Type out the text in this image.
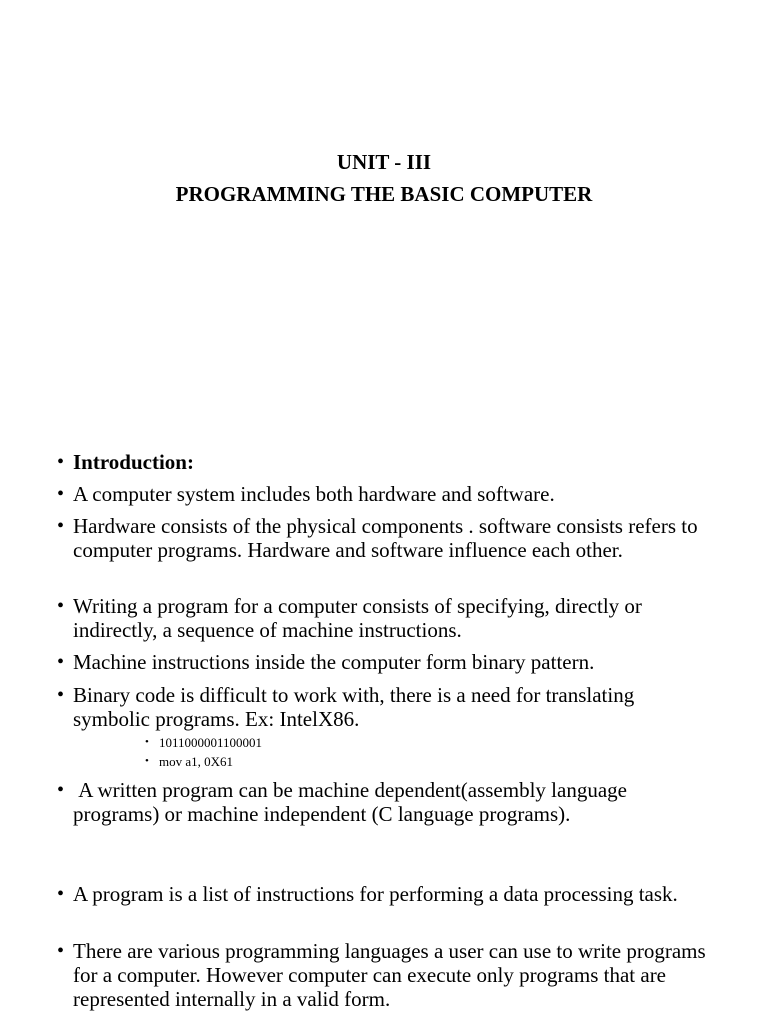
UNIT - III
PROGRAMMING THE BASIC COMPUTER
• Introduction:
• A computer system includes both hardware and software.
• Hardware consists of the physical components . software consists refers to computer programs. Hardware and software influence each other.
• Writing a program for a computer consists of specifying, directly or indirectly, a sequence of machine instructions.
• Machine instructions inside the computer form binary pattern.
• Binary code is difficult to work with, there is a need for translating symbolic programs. Ex: IntelX86.
• 1011000001100001
• mov a1, 0X61
• A written program can be machine dependent(assembly language programs) or machine independent (C language programs).
• A program is a list of instructions for performing a data processing task.
• There are various programming languages a user can use to write programs for a computer. However computer can execute only programs that are represented internally in a valid form.
